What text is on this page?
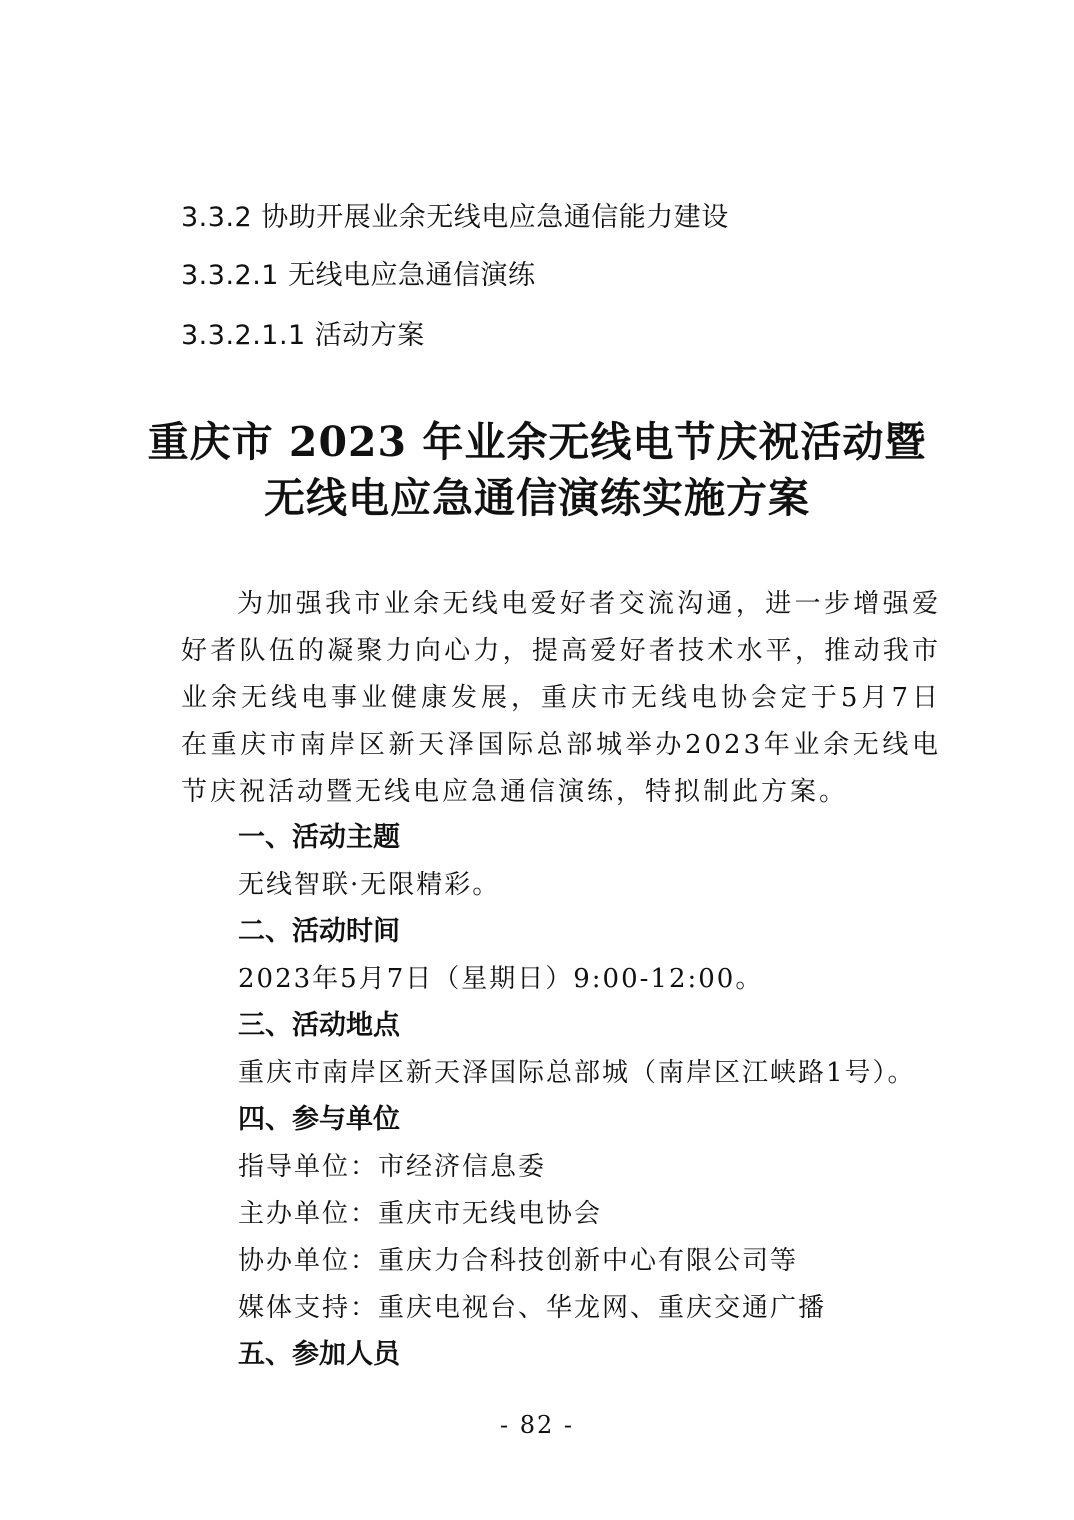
3.3.2 协助开展业余无线电应急通信能力建设
3.3.2.1 无线电应急通信演练
3.3.2.1.1 活动方案
重庆市 2023 年业余无线电节庆祝活动暨
无线电应急通信演练实施方案
为加强我市业余无线电爱好者交流沟通，进一步增强爱好者队伍的凝聚力向心力，提高爱好者技术水平，推动我市业余无线电事业健康发展，重庆市无线电协会定于5月7日在重庆市南岸区新天泽国际总部城举办2023年业余无线电节庆祝活动暨无线电应急通信演练，特拟制此方案。
一、活动主题
无线智联·无限精彩。
二、活动时间
2023年5月7日（星期日）9:00-12:00。
三、活动地点
重庆市南岸区新天泽国际总部城（南岸区江峡路1号）。
四、参与单位
指导单位：市经济信息委
主办单位：重庆市无线电协会
协办单位：重庆力合科技创新中心有限公司等
媒体支持：重庆电视台、华龙网、重庆交通广播
五、参加人员
- 82 -
